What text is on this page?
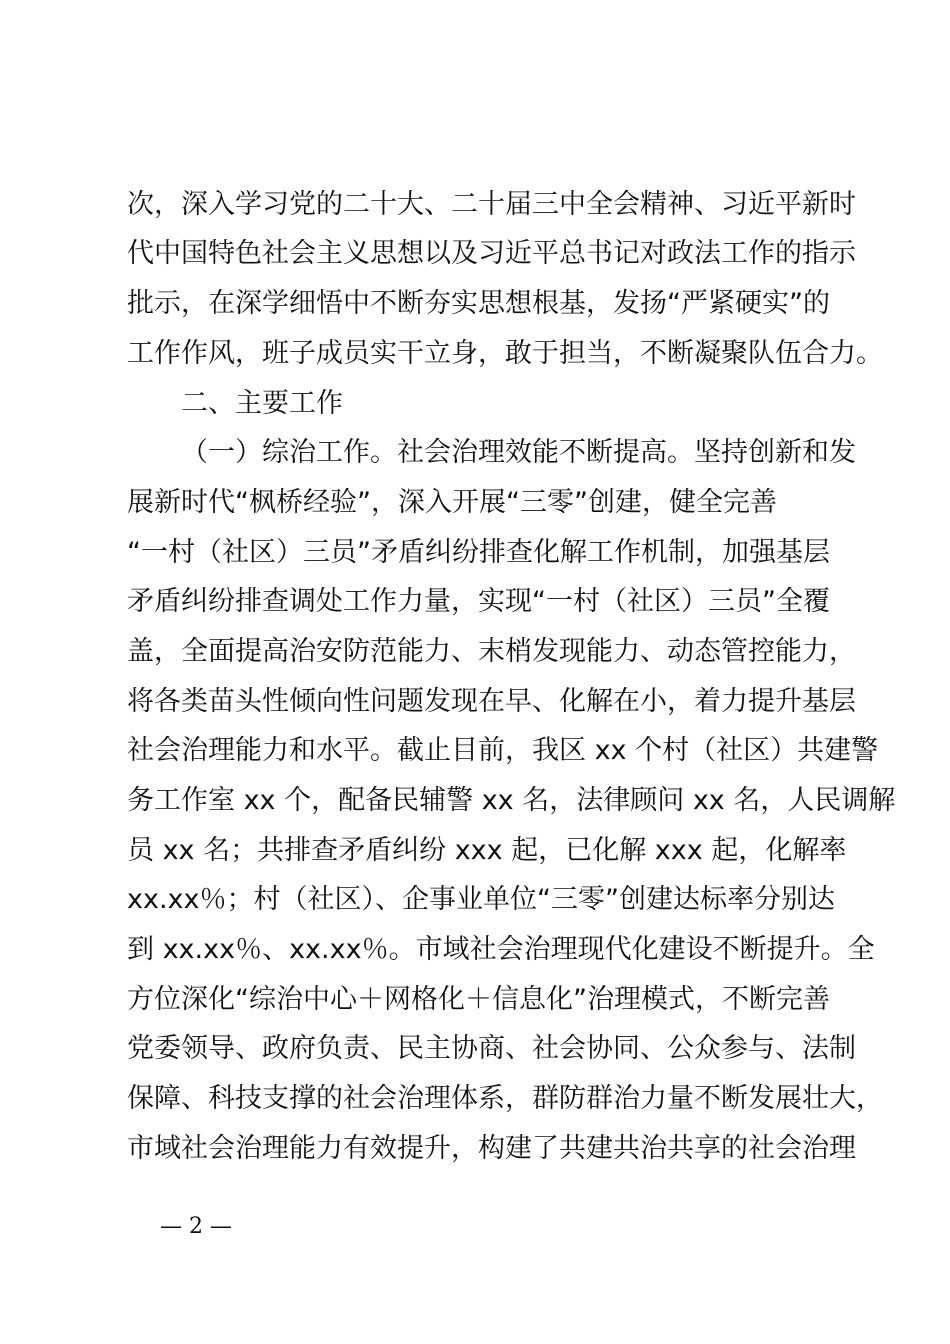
次，深入学习党的二十大、二十届三中全会精神、习近平新时
代中国特色社会主义思想以及习近平总书记对政法工作的指示
批示，在深学细悟中不断夯实思想根基，发扬“严紧硬实”的
工作作风，班子成员实干立身，敢于担当，不断凝聚队伍合力。
二、主要工作
（一）综治工作。社会治理效能不断提高。坚持创新和发
展新时代“枫桥经验”，深入开展“三零”创建，健全完善
“一村（社区）三员”矛盾纠纷排查化解工作机制，加强基层
矛盾纠纷排查调处工作力量，实现“一村（社区）三员”全覆
盖，全面提高治安防范能力、末梢发现能力、动态管控能力，
将各类苗头性倾向性问题发现在早、化解在小，着力提升基层
社会治理能力和水平。截止目前，我区 xx 个村（社区）共建警
务工作室 xx 个，配备民辅警 xx 名，法律顾问 xx 名，人民调解
员 xx 名；共排查矛盾纠纷 xxx 起，已化解 xxx 起，化解率
xx.xx％；村（社区）、企事业单位“三零”创建达标率分别达
到 xx.xx％、xx.xx％。市域社会治理现代化建设不断提升。全
方位深化“综治中心＋网格化＋信息化”治理模式，不断完善
党委领导、政府负责、民主协商、社会协同、公众参与、法制
保障、科技支撑的社会治理体系，群防群治力量不断发展壮大，
市域社会治理能力有效提升，构建了共建共治共享的社会治理
— 2 —
